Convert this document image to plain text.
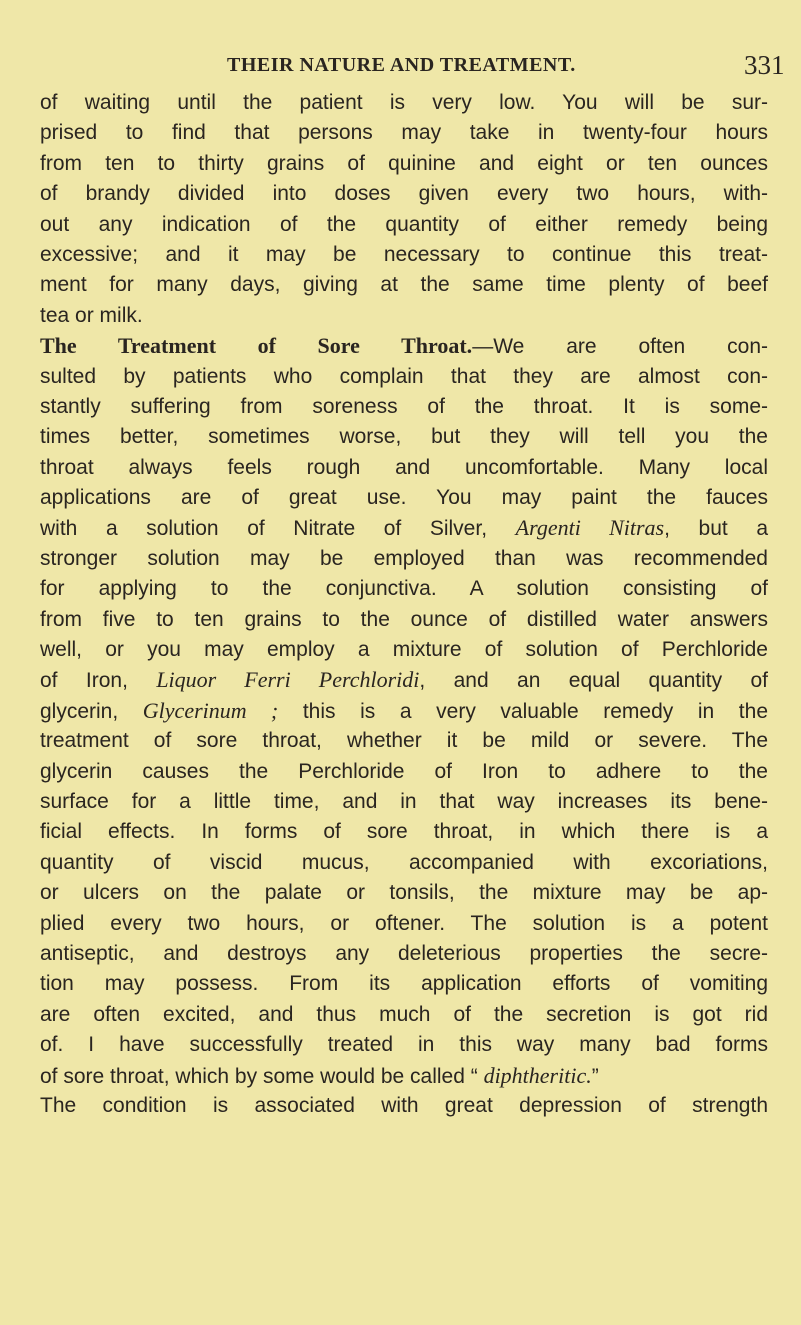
THEIR NATURE AND TREATMENT.	331
of waiting until the patient is very low. You will be sur-
prised to find that persons may take in twenty-four hours
from ten to thirty grains of quinine and eight or ten ounces
of brandy divided into doses given every two hours, with-
out any indication of the quantity of either remedy being
excessive; and it may be necessary to continue this treat-
ment for many days, giving at the same time plenty of beef
tea or milk.
The Treatment of Sore Throat.—We are often con-
sulted by patients who complain that they are almost con-
stantly suffering from soreness of the throat. It is some-
times better, sometimes worse, but they will tell you the
throat always feels rough and uncomfortable. Many local
applications are of great use. You may paint the fauces
with a solution of Nitrate of Silver, Argenti Nitras, but a
stronger solution may be employed than was recommended
for applying to the conjunctiva. A solution consisting of
from five to ten grains to the ounce of distilled water answers
well, or you may employ a mixture of solution of Perchloride
of Iron, Liquor Ferri Perchloridi, and an equal quantity of
glycerin, Glycerinum ; this is a very valuable remedy in the
treatment of sore throat, whether it be mild or severe. The
glycerin causes the Perchloride of Iron to adhere to the
surface for a little time, and in that way increases its bene-
ficial effects. In forms of sore throat, in which there is a
quantity of viscid mucus, accompanied with excoriations,
or ulcers on the palate or tonsils, the mixture may be ap-
plied every two hours, or oftener. The solution is a potent
antiseptic, and destroys any deleterious properties the secre-
tion may possess. From its application efforts of vomiting
are often excited, and thus much of the secretion is got rid
of. I have successfully treated in this way many bad forms
of sore throat, which by some would be called “ diphtheritic.”
The condition is associated with great depression of strength
